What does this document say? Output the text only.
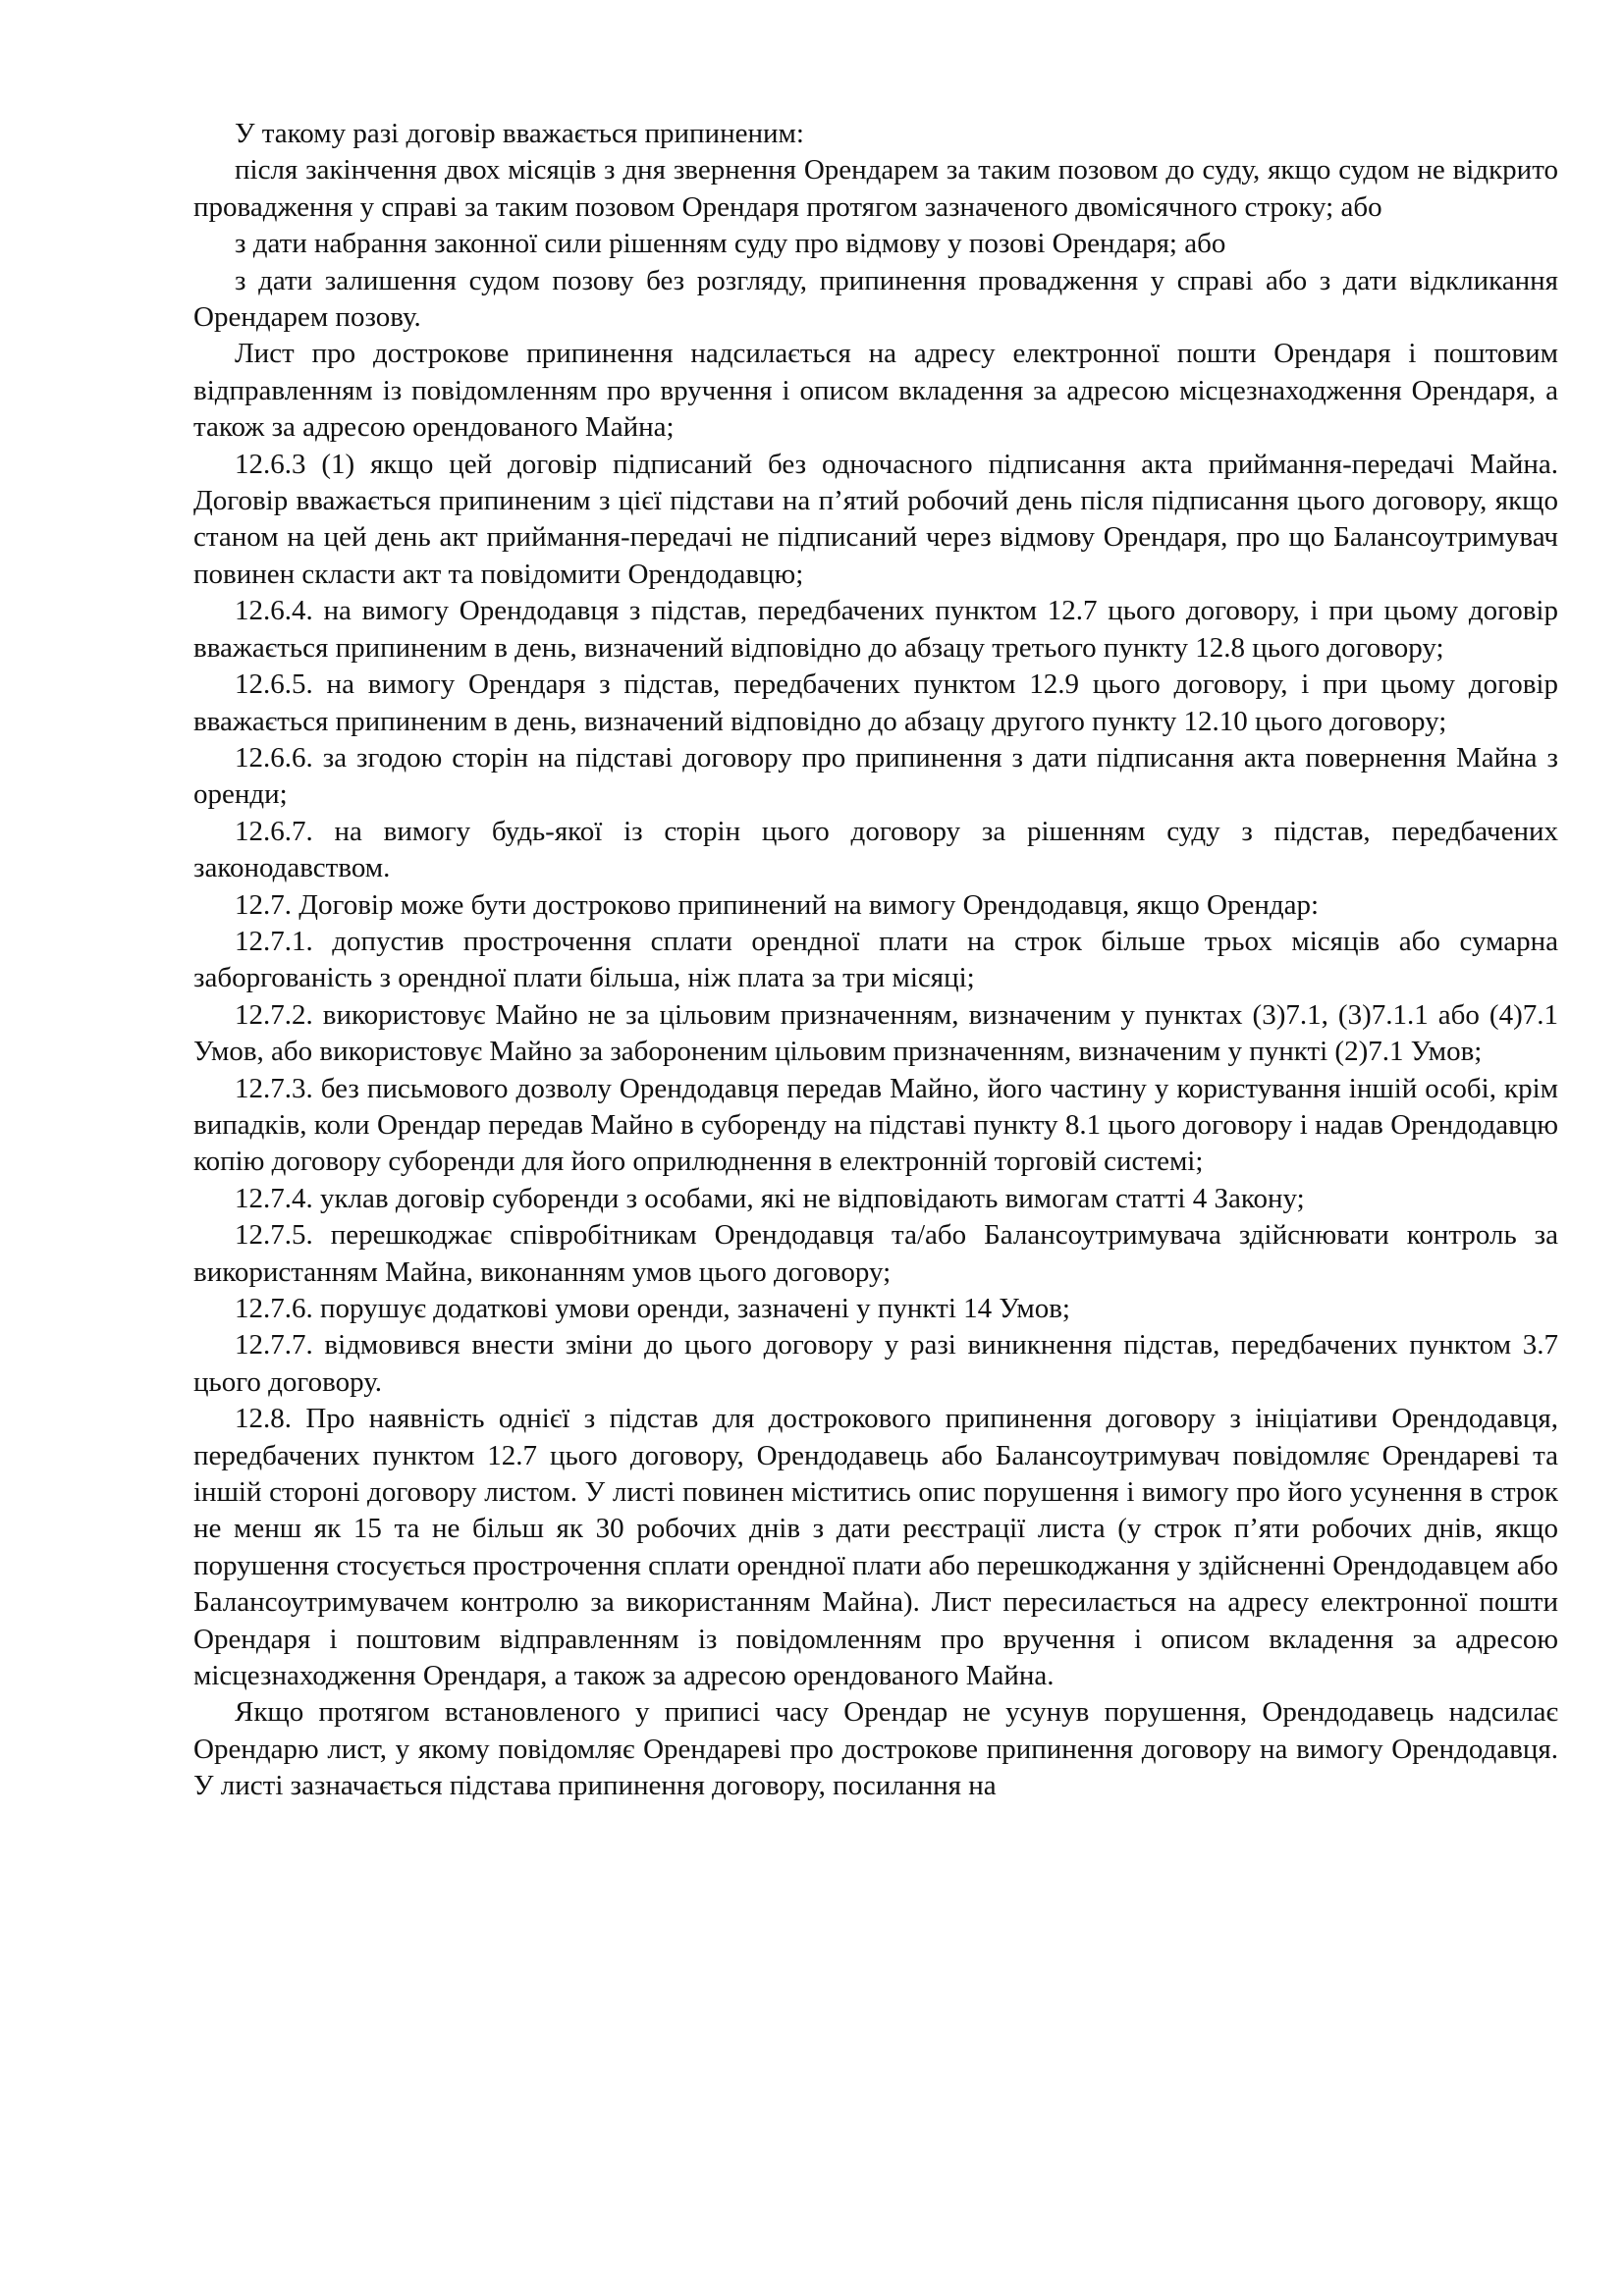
У такому разі договір вважається припиненим:

після закінчення двох місяців з дня звернення Орендарем за таким позовом до суду, якщо судом не відкрито провадження у справі за таким позовом Орендаря протягом зазначеного двомісячного строку; або

з дати набрання законної сили рішенням суду про відмову у позові Орендаря; або

з дати залишення судом позову без розгляду, припинення провадження у справі або з дати відкликання Орендарем позову.

Лист про дострокове припинення надсилається на адресу електронної пошти Орендаря і поштовим відправленням із повідомленням про вручення і описом вкладення за адресою місцезнаходження Орендаря, а також за адресою орендованого Майна;

12.6.3 (1) якщо цей договір підписаний без одночасного підписання акта приймання-передачі Майна. Договір вважається припиненим з цієї підстави на п’ятий робочий день після підписання цього договору, якщо станом на цей день акт приймання-передачі не підписаний через відмову Орендаря, про що Балансоутримувач повинен скласти акт та повідомити Орендодавцю;

12.6.4. на вимогу Орендодавця з підстав, передбачених пунктом 12.7 цього договору, і при цьому договір вважається припиненим в день, визначений відповідно до абзацу третього пункту 12.8 цього договору;

12.6.5. на вимогу Орендаря з підстав, передбачених пунктом 12.9 цього договору, і при цьому договір вважається припиненим в день, визначений відповідно до абзацу другого пункту 12.10 цього договору;

12.6.6. за згодою сторін на підставі договору про припинення з дати підписання акта повернення Майна з оренди;

12.6.7. на вимогу будь-якої із сторін цього договору за рішенням суду з підстав, передбачених законодавством.

12.7. Договір може бути достроково припинений на вимогу Орендодавця, якщо Орендар:

12.7.1. допустив прострочення сплати орендної плати на строк більше трьох місяців або сумарна заборгованість з орендної плати більша, ніж плата за три місяці;

12.7.2. використовує Майно не за цільовим призначенням, визначеним у пунктах (3)7.1, (3)7.1.1 або (4)7.1 Умов, або використовує Майно за забороненим цільовим призначенням, визначеним у пункті (2)7.1 Умов;

12.7.3. без письмового дозволу Орендодавця передав Майно, його частину у користування іншій особі, крім випадків, коли Орендар передав Майно в суборенду на підставі пункту 8.1 цього договору і надав Орендодавцю копію договору суборенди для його оприлюднення в електронній торговій системі;

12.7.4. уклав договір суборенди з особами, які не відповідають вимогам статті 4 Закону;

12.7.5. перешкоджає співробітникам Орендодавця та/або Балансоутримувача здійснювати контроль за використанням Майна, виконанням умов цього договору;

12.7.6. порушує додаткові умови оренди, зазначені у пункті 14 Умов;

12.7.7. відмовився внести зміни до цього договору у разі виникнення підстав, передбачених пунктом 3.7 цього договору.

12.8. Про наявність однієї з підстав для дострокового припинення договору з ініціативи Орендодавця, передбачених пунктом 12.7 цього договору, Орендодавець або Балансоутримувач повідомляє Орендареві та іншій стороні договору листом. У листі повинен міститись опис порушення і вимогу про його усунення в строк не менш як 15 та не більш як 30 робочих днів з дати реєстрації листа (у строк п’яти робочих днів, якщо порушення стосується прострочення сплати орендної плати або перешкоджання у здійсненні Орендодавцем або Балансоутримувачем контролю за використанням Майна). Лист пересилається на адресу електронної пошти Орендаря і поштовим відправленням із повідомленням про вручення і описом вкладення за адресою місцезнаходження Орендаря, а також за адресою орендованого Майна.

Якщо протягом встановленого у приписі часу Орендар не усунув порушення, Орендодавець надсилає Орендарю лист, у якому повідомляє Орендареві про дострокове припинення договору на вимогу Орендодавця. У листі зазначається підстава припинення договору, посилання на
